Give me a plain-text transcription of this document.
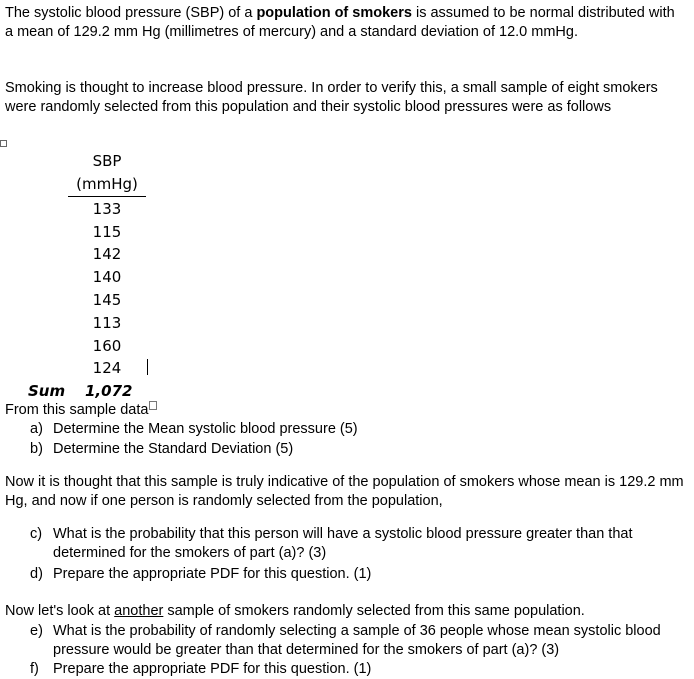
The systolic blood pressure (SBP) of a population of smokers is assumed to be normal distributed with a mean of 129.2 mm Hg (millimetres of mercury) and a standard deviation of 12.0 mmHg.

Smoking is thought to increase blood pressure. In order to verify this, a small sample of eight smokers were randomly selected from this population and their systolic blood pressures were as follows

SBP
(mmHg)
133
115
142
140
145
113
160
124
Sum 1,072

From this sample data

a) Determine the Mean systolic blood pressure (5)
b) Determine the Standard Deviation (5)

Now it is thought that this sample is truly indicative of the population of smokers whose mean is 129.2 mm Hg, and now if one person is randomly selected from the population,

c) What is the probability that this person will have a systolic blood pressure greater than that determined for the smokers of part (a)? (3)
d) Prepare the appropriate PDF for this question. (1)

Now let's look at another sample of smokers randomly selected from this same population.

e) What is the probability of randomly selecting a sample of 36 people whose mean systolic blood pressure would be greater than that determined for the smokers of part (a)? (3)
f) Prepare the appropriate PDF for this question. (1)
